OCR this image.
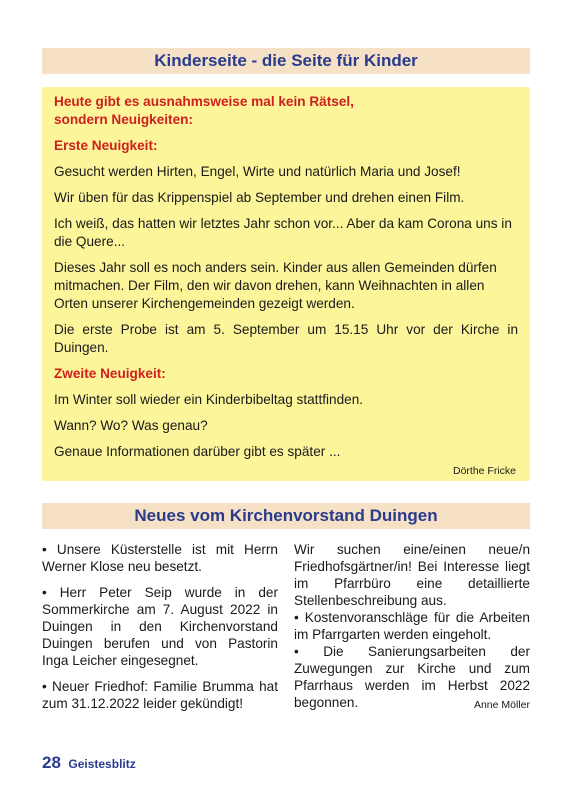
Kinderseite - die Seite für Kinder

Heute gibt es ausnahmsweise mal kein Rätsel,
sondern Neuigkeiten:

Erste Neuigkeit:

Gesucht werden Hirten, Engel, Wirte und natürlich Maria und Josef!

Wir üben für das Krippenspiel ab September und drehen einen Film.

Ich weiß, das hatten wir letztes Jahr schon vor... Aber da kam Corona uns in die Quere...

Dieses Jahr soll es noch anders sein. Kinder aus allen Gemeinden dürfen mitmachen. Der Film, den wir davon drehen, kann Weihnachten in allen Orten unserer Kirchengemeinden gezeigt werden.

Die erste Probe ist am 5. September um 15.15 Uhr vor der Kirche in Duingen.

Zweite Neuigkeit:

Im Winter soll wieder ein Kinderbibeltag stattfinden.

Wann? Wo? Was genau?

Genaue Informationen darüber gibt es später ...

Dörthe Fricke

Neues vom Kirchenvorstand Duingen

• Unsere Küsterstelle ist mit Herrn Werner Klose neu besetzt.

• Herr Peter Seip wurde in der Sommerkirche am 7. August 2022 in Duingen in den Kirchenvorstand Duingen berufen und von Pastorin Inga Leicher eingesegnet.

• Neuer Friedhof: Familie Brumma hat zum 31.12.2022 leider gekündigt!

Wir suchen eine/einen neue/n Friedhofsgärtner/in! Bei Interesse liegt im Pfarrbüro eine detaillierte Stellenbeschreibung aus.

• Kostenvoranschläge für die Arbeiten im Pfarrgarten werden eingeholt.

• Die Sanierungsarbeiten der Zuwegungen zur Kirche und zum Pfarrhaus werden im Herbst 2022 begonnen.	Anne Möller

28 Geistesblitz
